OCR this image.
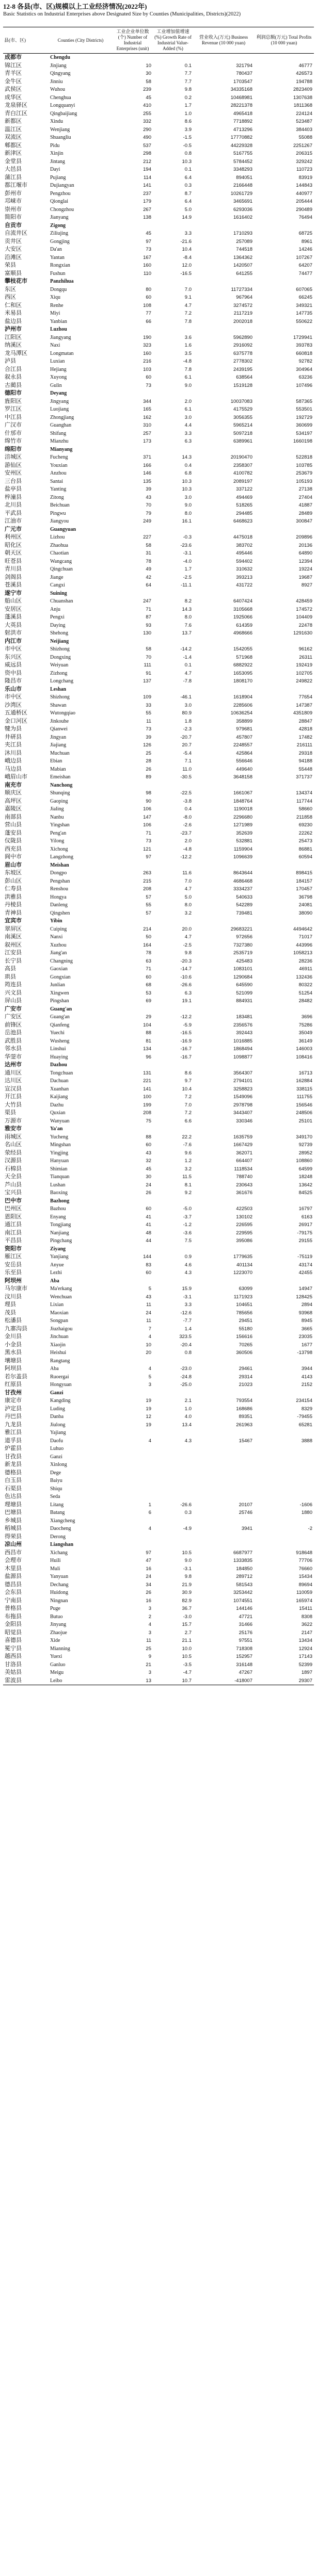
12-8 各县(市、区)规模以上工业经济情况(2022年)
Basic Statistics on Industrial Enterprises above Designated Size by Counties (Municipalities, Districts)(2022)
县(市、区)	Counties (City Districts)	工业企业单位数(个) Number of Industrial Enterprises (unit)	工业增加值增速(%) Growth Rate of Industrial Value-Added (%)	营业收入(万元) Business Revenue (10 000 yuan)	利润总额(万元) Total Profits (10 000 yuan)
成都市	Chengdu				
锦江区	Jinjiang	10	0.1	321794	46777
青羊区	Qingyang	30	7.7	780437	426573
金牛区	Jinniu	58	7.7	1703547	194788
武侯区	Wuhou	239	9.8	34335168	2823409
成华区	Chenghua	45	0.2	10468981	1307638
龙泉驿区	Longquanyi	410	1.7	28221378	1811368
青白江区	Qingbaijiang	255	1.0	4965418	224124
新都区	Xindu	332	8.6	7718892	523487
温江区	Wenjiang	290	3.9	4713296	384403
双流区	Shuangliu	490	-1.5	17770882	55088
郫都区	Pidu	537	-0.5	44229328	2251267
新津区	Xinjin	298	0.8	5167755	206315
金堂县	Jintang	212	10.3	5784452	329242
大邑县	Dayi	194	0.1	3348293	110723
蒲江县	Pujiang	114	6.4	894051	83919
都江堰市	Dujiangyan	141	0.3	2166448	144843
彭州市	Pengzhou	237	8.7	10261729	440977
邛崃市	Qionglai	179	6.4	3465691	205444
崇州市	Chongzhou	267	5.0	6293036	290489
简阳市	Jianyang	138	14.9	1616402	76494
自贡市	Zigong				
自流井区	Ziliujing	45	3.3	1710293	68725
贡井区	Gongjing	97	-21.6	257089	8961
大安区	Da'an	73	10.4	744518	14246
沿滩区	Yantan	167	-8.4	1364362	107267
荣县	Rongxian	160	12.0	1420507	64207
富顺县	Fushun	110	-16.5	641255	74477
攀枝花市	Panzhihua				
东区	Dongqu	80	7.0	11727334	607065
西区	Xiqu	60	9.1	967964	66245
仁和区	Renhe	108	4.7	3274572	349321
米易县	Miyi	77	7.2	2117219	147735
盐边县	Yanbian	66	7.8	2002018	550622
泸州市	Luzhou				
江阳区	Jiangyang	190	3.6	5962890	1729941
纳溪区	Naxi	323	1.6	2916092	393783
龙马潭区	Longmatan	160	3.5	6375778	660818
泸县	Luxian	216	-4.8	2778302	92782
合江县	Hejiang	103	7.8	2439195	304964
叙永县	Xuyong	60	6.1	638564	63236
古蔺县	Gulin	73	9.0	1519128	107496
德阳市	Deyang				
旌阳区	Jingyang	344	2.0	10037083	587365
罗江区	Luojiang	165	6.1	4175529	553501
中江县	Zhongjiang	162	3.0	3056355	192729
广汉市	Guanghan	310	4.4	5965214	360699
什邡市	Shifang	257	3.3	5097218	534197
绵竹市	Mianzhu	173	6.3	6389961	1660198
绵阳市	Mianyang				
涪城区	Fucheng	371	14.3	20190470	522818
游仙区	Youxian	166	0.4	2358307	103785
安州区	Anzhou	146	6.8	4100782	253679
三台县	Santai	135	10.3	2089197	105193
盐亭县	Yanting	39	10.3	337122	27138
梓潼县	Zitong	43	3.0	494469	27404
北川县	Beichuan	70	9.0	518265	41887
平武县	Pingwu	79	8.0	294485	28489
江油市	Jiangyou	249	16.1	6468623	300847
广元市	Guangyuan				
利州区	Lizhou	227	-0.3	4475018	209896
昭化区	Zhaohua	58	-23.6	383702	20136
朝天区	Chaotian	31	-3.1	495446	64890
旺苍县	Wangcang	78	-4.0	594402	12394
青川县	Qingchuan	49	1.7	310632	19224
剑阁县	Jiange	42	-2.5	393213	19687
苍溪县	Cangxi	64	-11.1	431722	8927
遂宁市	Suining				
船山区	Chuanshan	247	8.2	6407424	428459
安居区	Anju	71	14.3	3105668	174572
蓬溪县	Pengxi	87	8.0	1925066	104409
大英县	Daying	93	7.6	614359	22478
射洪市	Shehong	130	13.7	4968666	1291630
内江市	Neijiang				
市中区	Shizhong	58	-14.2	1542055	96162
东兴区	Dongxing	70	-1.4	571968	26311
威远县	Weiyuan	111	0.1	6882922	192419
资中县	Zizhong	91	4.7	1653095	102705
隆昌市	Longchang	137	-7.8	1808170	249822
乐山市	Leshan				
市中区	Shizhong	109	-46.1	1618904	77654
沙湾区	Shawan	33	3.0	2285606	147387
五通桥区	Wutongqiao	55	80.9	10636254	4351809
金口河区	Jinkouhe	11	1.8	358899	28847
犍为县	Qianwei	73	-2.3	979681	42818
井研县	Jingyan	39	-20.7	457807	17482
夹江县	Jiajiang	126	20.7	2248557	216111
沐川县	Muchuan	25	-5.4	425864	29318
峨边县	Ebian	28	7.1	556646	94188
马边县	Mabian	26	11.0	449640	55448
峨眉山市	Emeishan	89	-30.5	3648158	371737
南充市	Nanchong				
顺庆区	Shunqing	98	-22.5	1661067	134374
高坪区	Gaoping	90	-3.8	1848764	117744
嘉陵区	Jialing	106	0.4	1190018	58660
南部县	Nanbu	147	-8.0	2296680	211858
营山县	Yingshan	106	-2.6	1271989	69230
蓬安县	Peng'an	71	-23.7	352639	22262
仪陇县	Yilong	73	2.0	532881	25473
西充县	Xichong	121	-4.8	1159904	86881
阆中市	Langzhong	97	-12.2	1096639	60594
眉山市	Meishan				
东坡区	Dongpo	263	11.6	8643644	898415
彭山区	Pengshan	215	7.0	4686468	184157
仁寿县	Renshou	208	4.7	3334237	170457
洪雅县	Hongya	57	5.0	540633	36798
丹棱县	Danleng	55	8.0	542289	24081
青神县	Qingshen	57	3.2	739481	38090
宜宾市	Yibin				
翠屏区	Cuiping	214	20.0	29683221	4494642
南溪区	Nanxi	50	4.7	972656	71017
叙州区	Xuzhou	164	-2.5	7327380	443996
江安县	Jiang'an	78	9.8	2535719	1058213
长宁县	Changning	63	-20.3	425483	28236
高县	Gaoxian	71	-14.7	1083101	46911
珙县	Gongxian	60	-10.6	1290684	132436
筠连县	Junlian	68	-26.6	645590	80322
兴文县	Xingwen	53	6.3	521099	51254
屏山县	Pingshan	69	19.1	884931	28482
广安市	Guang'an				
广安区	Guang'an	29	-12.2	183481	3696
前锋区	Qianfeng	104	-5.9	2356576	75286
岳池县	Yuechi	88	-16.5	392443	35049
武胜县	Wusheng	81	-16.9	1016885	36149
邻水县	Linshui	134	-16.7	1868494	146003
华蓥市	Huaying	96	-16.7	1098877	108416
达州市	Dazhou				
通川区	Tongchuan	131	8.6	3564307	16713
达川区	Dachuan	221	9.7	2794101	162884
宣汉县	Xuanhan	141	10.4	3258823	338115
开江县	Kaijiang	100	7.2	1549096	111755
大竹县	Dazhu	199	7.0	2978798	156546
渠县	Quxian	208	7.2	3443407	248506
万源市	Wanyuan	75	6.6	330346	25101
雅安市	Ya'an				
雨城区	Yucheng	88	22.2	1635759	349170
名山区	Mingshan	60	-7.6	1667429	92739
荥经县	Yingjing	43	9.6	362071	28952
汉源县	Hanyuan	32	1.2	664407	108860
石棉县	Shimian	45	3.2	1118534	64599
天全县	Tianquan	30	11.5	788740	18248
芦山县	Lushan	24	8.1	230643	13642
宝兴县	Baoxing	26	9.2	361676	84525
巴中市	Bazhong				
巴州区	Bazhou	60	-5.0	422503	16797
恩阳区	Enyang	41	-3.7	130102	6163
通江县	Tongjiang	41	-1.2	226595	26917
南江县	Nanjiang	48	-3.6	229595	-79175
平昌县	Pingchang	44	7.5	395086	29155
资阳市	Ziyang				
雁江区	Yanjiang	144	0.9	1779635	-75119
安岳县	Anyue	83	4.6	401134	43174
乐至县	Lezhi	60	4.3	1223070	42455
阿坝州	Aba				
马尔康市	Ma'erkang	5	15.9	63099	14947
汶川县	Wenchuan	43	-3.1	1171923	128425
理县	Lixian	11	3.3	104651	2894
茂县	Maoxian	24	-12.6	785656	93968
松潘县	Songpan	11	-7.7	29451	8945
九寨沟县	Jiuzhaigou	7	1.4	55180	3665
金川县	Jinchuan	4	323.5	156616	23035
小金县	Xiaojin	10	-20.4	70265	1677
黑水县	Heishui	20	0.8	360506	-13798
壤塘县	Rangtang				
阿坝县	Aba	4	-23.0	29461	3944
若尔盖县	Ruoergai	5	-24.8	29314	4143
红原县	Hongyuan	3	-25.0	21023	2152
甘孜州	Ganzi				
康定市	Kangding	19	2.1	793554	234154
泸定县	Luding	19	1.0	168686	8329
丹巴县	Danba	12	4.0	89351	-79455
九龙县	Jiulong	19	13.4	261963	65281
雅江县	Yajiang				
道孚县	Daofu	4	4.3	15467	3888
炉霍县	Luhuo				
甘孜县	Ganzi				
新龙县	Xinlong				
德格县	Dege				
白玉县	Baiyu				
石渠县	Shiqu				
色达县	Seda				
理塘县	Litang	1	-26.6	20107	-1606
巴塘县	Batang	6	0.3	25746	1880
乡城县	Xiangcheng				
稻城县	Daocheng	4	-4.9	3941	-2
得荣县	Derong				
凉山州	Liangshan				
西昌市	Xichang	97	10.5	6687977	918648
会理市	Huili	47	9.0	1333835	77706
木里县	Muli	16	-3.1	184850	76660
盐源县	Yanyuan	24	9.8	289712	15434
德昌县	Dechang	34	21.9	581543	89694
会东县	Huidong	26	30.9	3253442	110059
宁南县	Ningnan	16	82.9	1074551	165974
普格县	Puge	3	36.7	144146	15411
布拖县	Butuo	2	-3.0	47721	8308
金阳县	Jinyang	4	15.7	31466	3622
昭觉县	Zhaojue	3	2.7	25176	2147
喜德县	Xide	11	21.1	97551	13434
冕宁县	Mianning	25	10.0	718308	12924
越西县	Yuexi	9	10.5	152957	17143
甘洛县	Ganluo	21	-3.5	316148	52399
美姑县	Meigu	3	-4.7	47267	1897
雷波县	Leibo	13	10.7	-418007	29307
